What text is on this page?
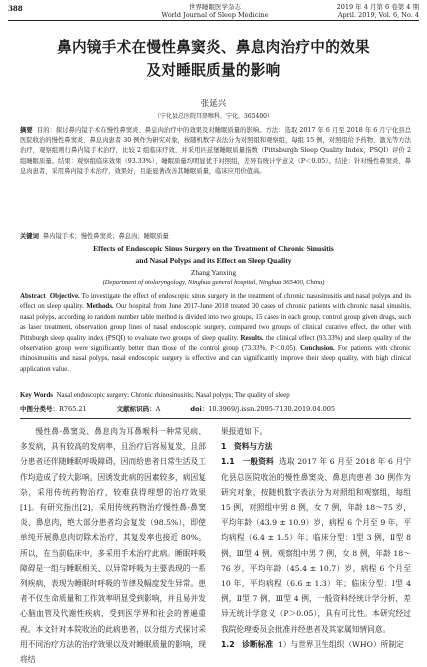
388	世界睡眠医学杂志
World Journal of Sleep Medicine
2019 年 4 月第 6 卷第 4 期
April. 2019, Vol. 6, No. 4
鼻内镜手术在慢性鼻窦炎、鼻息肉治疗中的效果
及对睡眠质量的影响
张延兴
（宁化县总医院耳鼻喉科，宁化，365400）
摘要 目的：探讨鼻内镜手术在慢性鼻窦炎、鼻息肉治疗中的效果及对睡眠质量的影响。方法：选取 2017 年 6 月至 2018 年 6 月宁化县总医院收治的慢性鼻窦炎、鼻息肉患者 30 例作为研究对象，按随机数字表法分为对照组和观察组，每组 15 例，对照组给予药物、激光等方法治疗，观察组则行鼻内镜手术治疗，比较 2 组临床疗效，并采用匹兹堡睡眠质量指数（Pittsburgh Sleep Quality Index，PSQI）评价 2 组睡眠质量。结果：观察组临床效果（93.33%）、睡眠质量均明显优于对照组，差异有统计学意义（P＜0.05）。结论：针对慢性鼻窦炎、鼻息肉患者，采用鼻内镜手术治疗，效果好，且能显著改善其睡眠质量，临床应用价值高。
关键词 鼻内镜手术；慢性鼻窦炎；鼻息肉；睡眠质量
Effects of Endoscopic Sinus Surgery on the Treatment of Chronic Sinusitis
and Nasal Polyps and its Effect on Sleep Quality
Zhang Yanxing
(Department of otolaryngology, Ninghua general hospital, Ninghua 365400, China)
Abstract Objective. To investigate the effect of endoscopic sinus surgery in the treatment of chronic nasosinusitis and nasal polyps and its effect on sleep quality. Methods. Our hospital from June 2017-June 2018 treated 30 cases of chronic patients with chronic nasal sinusitis, nasal polyps, according to random number table method is divided into two groups, 15 cases in each group, control group given drugs, such as laser treatment, observation group lines of nasal endoscopic surgery, compared two groups of clinical curative effect, the other with Pittsburgh sleep quality index (PSQI) to evaluate two groups of sleep quality. Results. the clinical effect (93.33%) and sleep quality of the observation group were significantly better than those of the control group (73.33%, P＜0.05). Conclusion. For patients with chronic rhinosinusitis and nasal polyps, nasal endoscopic surgery is effective and can significantly improve their sleep quality, with high clinical application value.
Key Words Nasal endoscopic surgery; Chronic rhinosinusitis; Nasal polyps; The quality of sleep
中图分类号：R765.21	文献标识码：A	doi：10.3969/j.issn.2095-7130.2019.04.005

慢性鼻-鼻窦炎、鼻息肉为耳鼻喉科一种常见病、多发病，具有较高的发病率，且治疗后容易复发，且部分患者还伴随睡眠呼吸障碍，因而给患者日常生活及工作均造成了较大影响。因诱发此病的因素较多，病因复杂，采用传统药物治疗，较难获得理想的治疗效果[1]。有研究指出[2]，采用传统药物治疗慢性鼻-鼻窦炎、鼻息肉，绝大部分患者均会复发（98.5%），即使单纯开展鼻息肉切除术治疗，其复发率也接近 80%。所以，在当前临床中，多采用手术治疗此病。睡眠呼吸障碍是一组与睡眠相关、以异常呼吸为主要表现的一系列疾病，表现为睡眠时呼吸的节律及幅度发生异常。患者不仅生命质量和工作效率明显受到影响，并且易并发心脑血管及代谢性疾病，受到医学界和社会的普遍重视。本文针对本院收治的此病患者，以分组方式探讨采用不同治疗方法的治疗效果以及对睡眠质量的影响，现将结

果报道如下。

1　资料与方法

1.1　一般资料 选取 2017 年 6 月至 2018 年 6 月宁化县总医院收治的慢性鼻窦炎、鼻息肉患者 30 例作为研究对象，按随机数字表法分为对照组和观察组，每组 15 例，对照组中男 8 例，女 7 例，年龄 18～75 岁，平均年龄（43.9 ± 10.9）岁，病程 6 个月至 9 年，平均病程（6.4 ± 1.5）年；临床分型：Ⅰ型 3 例，Ⅱ型 8 例，Ⅲ型 4 例。观察组中男 7 例，女 8 例，年龄 18～76 岁，平均年龄（45.4 ± 10.7）岁，病程 6 个月至 10 年，平均病程（6.6 ± 1.3）年；临床分型：Ⅰ型 4 例，Ⅱ型 7 例，Ⅲ型 4 例，一般资料经统计学分析，差异无统计学意义（P＞0.05），具有可比性。本研究经过我院伦理委员会批准并经患者及其家属知情同意。

1.2　诊断标准 1）与世界卫生组织（WHO）所制定
